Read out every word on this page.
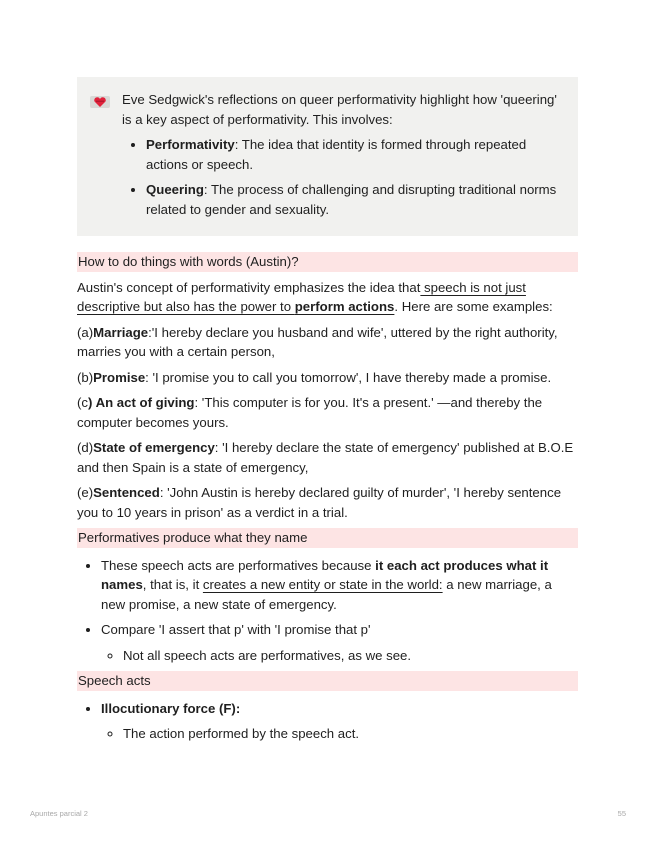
Eve Sedgwick's reflections on queer performativity highlight how 'queering' is a key aspect of performativity. This involves:

• Performativity: The idea that identity is formed through repeated actions or speech.
• Queering: The process of challenging and disrupting traditional norms related to gender and sexuality.
How to do things with words (Austin)?

Austin's concept of performativity emphasizes the idea that speech is not just descriptive but also has the power to perform actions. Here are some examples:

(a)Marriage:'I hereby declare you husband and wife', uttered by the right authority, marries you with a certain person,

(b)Promise: 'I promise you to call you tomorrow', I have thereby made a promise.

(c) An act of giving: 'This computer is for you. It's a present.' —and thereby the computer becomes yours.

(d)State of emergency: 'I hereby declare the state of emergency' published at B.O.E and then Spain is a state of emergency,

(e)Sentenced: 'John Austin is hereby declared guilty of murder', 'I hereby sentence you to 10 years in prison' as a verdict in a trial.

Performatives produce what they name
• These speech acts are performatives because it each act produces what it names, that is, it creates a new entity or state in the world: a new marriage, a new promise, a new state of emergency.
• Compare 'I assert that p' with 'I promise that p'
◦ Not all speech acts are performatives, as we see.
Speech acts
• Illocutionary force (F):
◦ The action performed by the speech act.
Apuntes parcial 2	55
